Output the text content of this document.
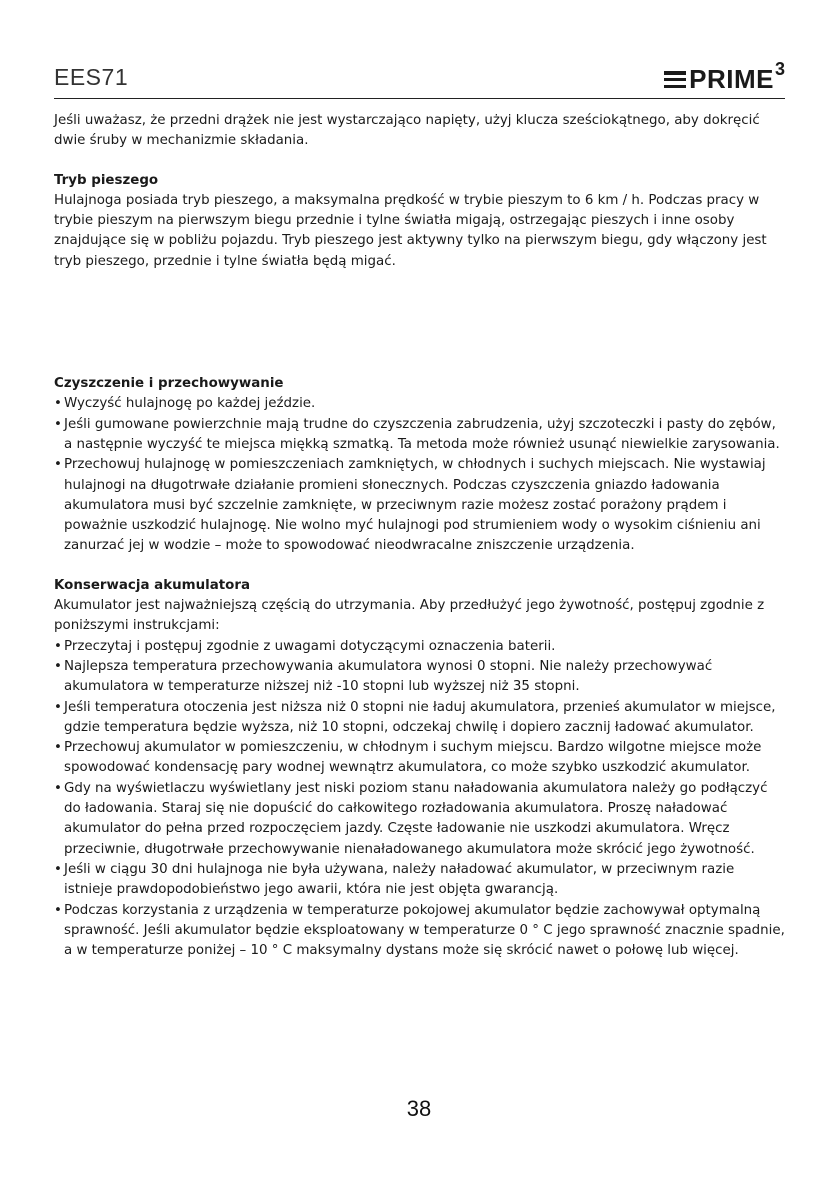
EES71	PRIME 3

Jeśli uważasz, że przedni drążek nie jest wystarczająco napięty, użyj klucza sześciokątnego, aby dokręcić dwie śruby w mechanizmie składania.

Tryb pieszego

Hulajnoga posiada tryb pieszego, a maksymalna prędkość w trybie pieszym to 6 km / h. Podczas pracy w trybie pieszym na pierwszym biegu przednie i tylne światła migają, ostrzegając pieszych i inne osoby znajdujące się w pobliżu pojazdu. Tryb pieszego jest aktywny tylko na pierwszym biegu, gdy włączony jest tryb pieszego, przednie i tylne światła będą migać.

Czyszczenie i przechowywanie

• Wyczyść hulajnogę po każdej jeździe.
• Jeśli gumowane powierzchnie mają trudne do czyszczenia zabrudzenia, użyj szczoteczki i pasty do zębów, a następnie wyczyść te miejsca miękką szmatką. Ta metoda może również usunąć niewielkie zarysowania.
• Przechowuj hulajnogę w pomieszczeniach zamkniętych, w chłodnych i suchych miejscach. Nie wystawiaj hulajnogi na długotrwałe działanie promieni słonecznych. Podczas czyszczenia gniazdo ładowania akumulatora musi być szczelnie zamknięte, w przeciwnym razie możesz zostać porażony prądem i poważnie uszkodzić hulajnogę. Nie wolno myć hulajnogi pod strumieniem wody o wysokim ciśnieniu ani zanurzać jej w wodzie – może to spowodować nieodwracalne zniszczenie urządzenia.

Konserwacja akumulatora

Akumulator jest najważniejszą częścią do utrzymania. Aby przedłużyć jego żywotność, postępuj zgodnie z poniższymi instrukcjami:

• Przeczytaj i postępuj zgodnie z uwagami dotyczącymi oznaczenia baterii.
• Najlepsza temperatura przechowywania akumulatora wynosi 0 stopni. Nie należy przechowywać akumulatora w temperaturze niższej niż -10 stopni lub wyższej niż 35 stopni.
• Jeśli temperatura otoczenia jest niższa niż 0 stopni nie ładuj akumulatora, przenieś akumulator w miejsce, gdzie temperatura będzie wyższa, niż 10 stopni, odczekaj chwilę i dopiero zacznij ładować akumulator.
• Przechowuj akumulator w pomieszczeniu, w chłodnym i suchym miejscu. Bardzo wilgotne miejsce może spowodować kondensację pary wodnej wewnątrz akumulatora, co może szybko uszkodzić akumulator.
• Gdy na wyświetlaczu wyświetlany jest niski poziom stanu naładowania akumulatora należy go podłączyć do ładowania. Staraj się nie dopuścić do całkowitego rozładowania akumulatora. Proszę naładować akumulator do pełna przed rozpoczęciem jazdy. Częste ładowanie nie uszkodzi akumulatora. Wręcz przeciwnie, długotrwałe przechowywanie nienaładowanego akumulatora może skrócić jego żywotność.
• Jeśli w ciągu 30 dni hulajnoga nie była używana, należy naładować akumulator, w przeciwnym razie istnieje prawdopodobieństwo jego awarii, która nie jest objęta gwarancją.
• Podczas korzystania z urządzenia w temperaturze pokojowej akumulator będzie zachowywał optymalną sprawność. Jeśli akumulator będzie eksploatowany w temperaturze 0 ° C jego sprawność znacznie spadnie, a w temperaturze poniżej – 10 ° C maksymalny dystans może się skrócić nawet o połowę lub więcej.
38
